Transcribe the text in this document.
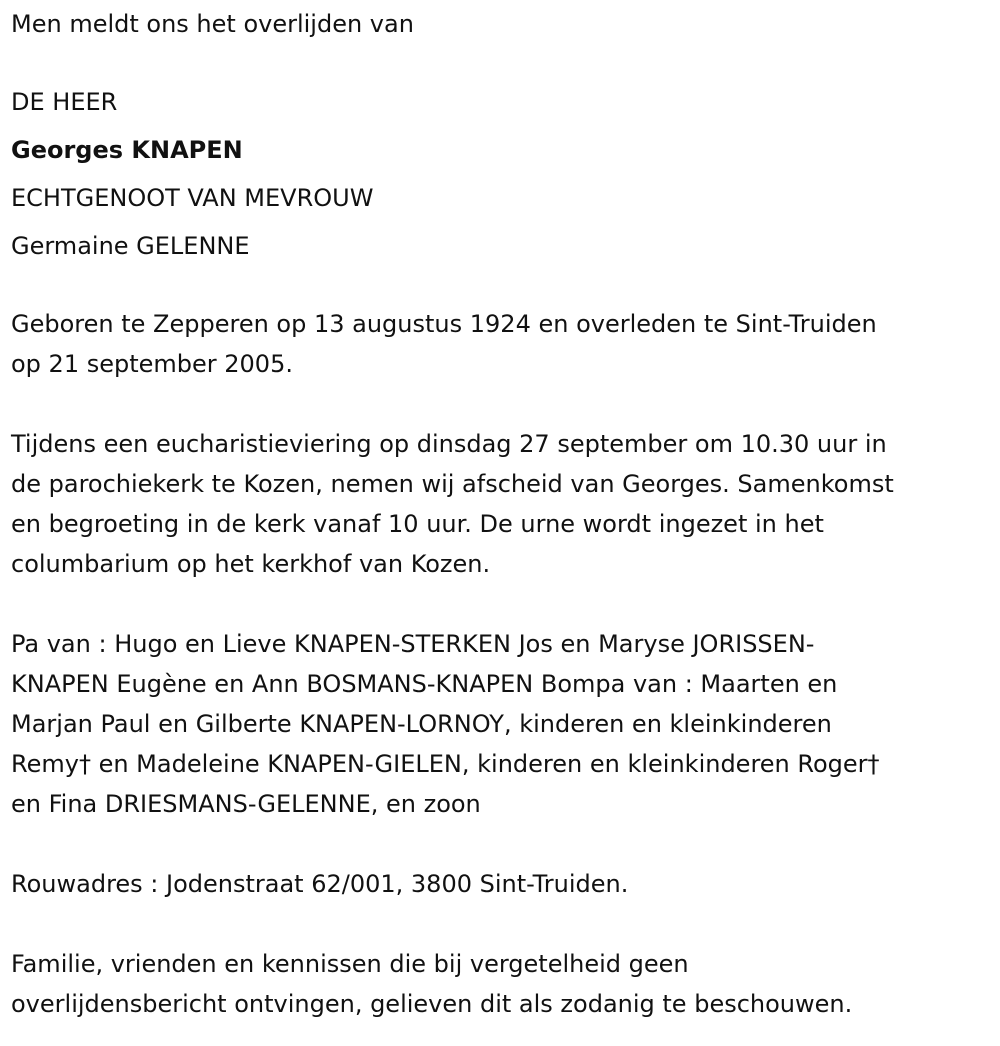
Men meldt ons het overlijden van
DE HEER
Georges KNAPEN
ECHTGENOOT VAN MEVROUW
Germaine GELENNE
Geboren te Zepperen op 13 augustus 1924 en overleden te Sint-Truiden
op 21 september 2005.
Tijdens een eucharistieviering op dinsdag 27 september om 10.30 uur in
de parochiekerk te Kozen, nemen wij afscheid van Georges. Samenkomst
en begroeting in de kerk vanaf 10 uur. De urne wordt ingezet in het
columbarium op het kerkhof van Kozen.
Pa van : Hugo en Lieve KNAPEN-STERKEN Jos en Maryse JORISSEN-
KNAPEN Eugène en Ann BOSMANS-KNAPEN Bompa van : Maarten en
Marjan Paul en Gilberte KNAPEN-LORNOY, kinderen en kleinkinderen
Remy† en Madeleine KNAPEN-GIELEN, kinderen en kleinkinderen Roger†
en Fina DRIESMANS-GELENNE, en zoon
Rouwadres : Jodenstraat 62/001, 3800 Sint-Truiden.
Familie, vrienden en kennissen die bij vergetelheid geen
overlijdensbericht ontvingen, gelieven dit als zodanig te beschouwen.
